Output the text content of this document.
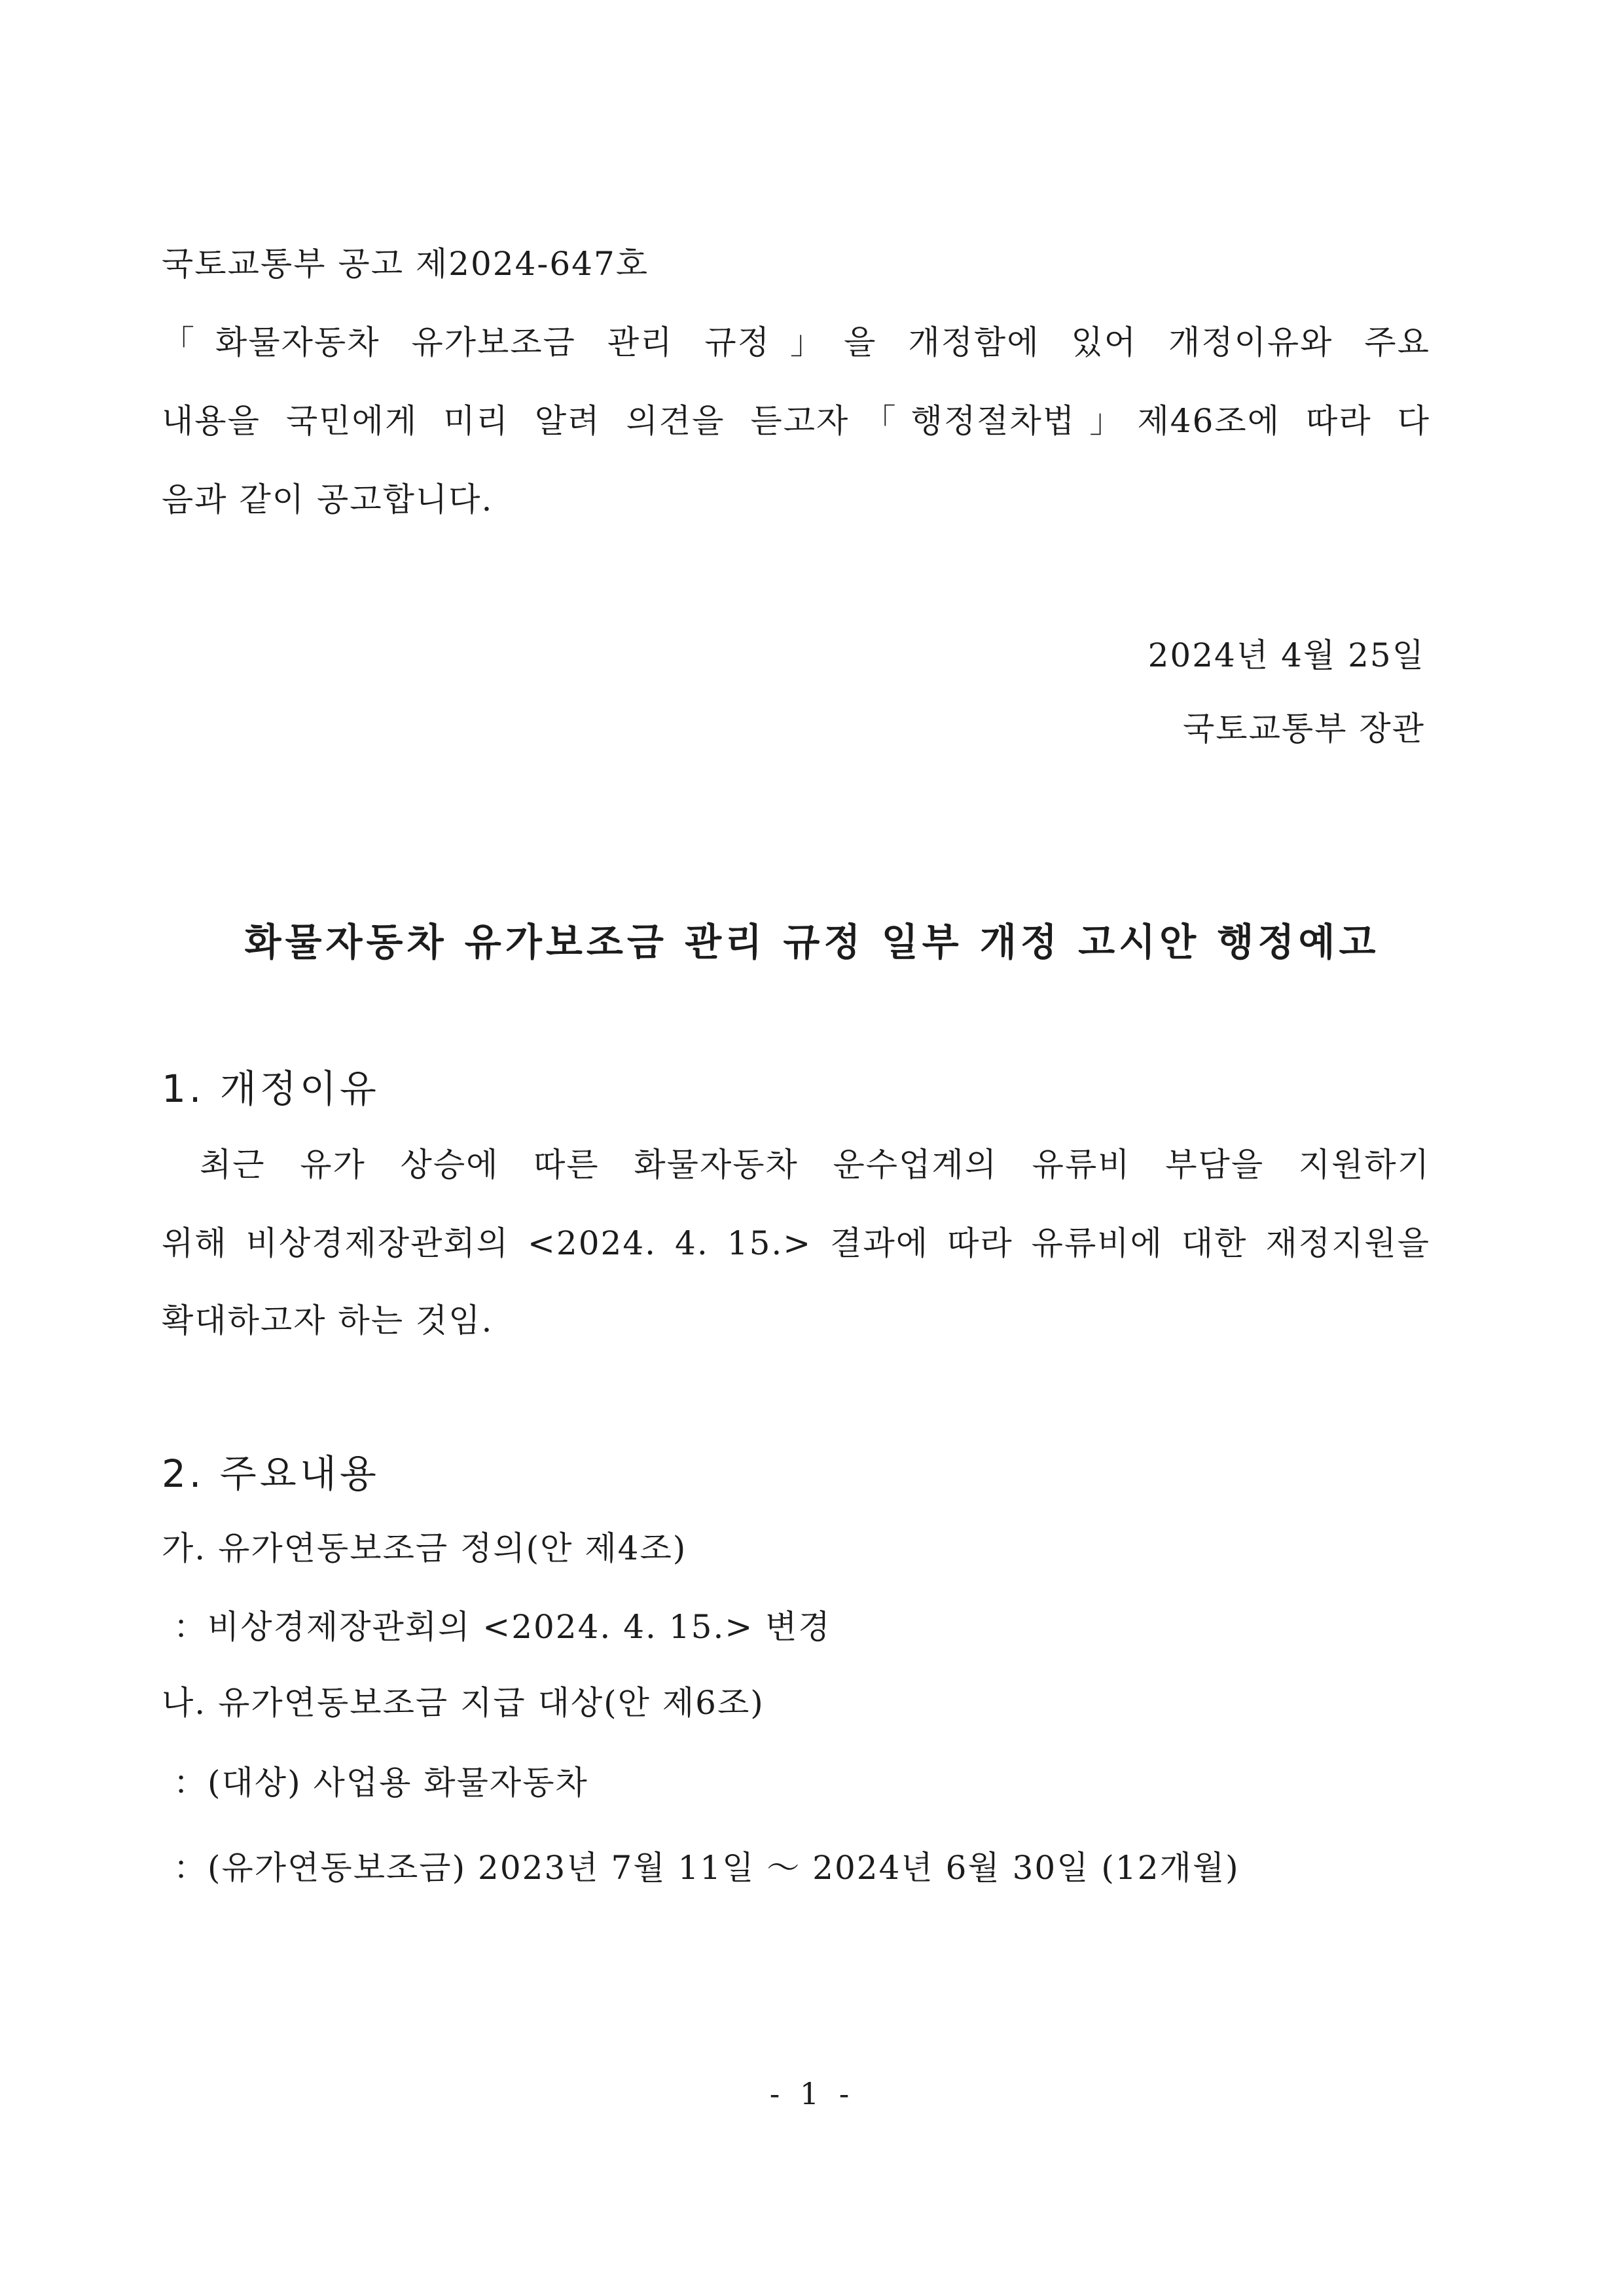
국토교통부 공고 제2024-647호
「화물자동차 유가보조금 관리 규정」을 개정함에 있어 개정이유와 주요
내용을 국민에게 미리 알려 의견을 듣고자「행정절차법」제46조에 따라 다
음과 같이 공고합니다.
2024년 4월 25일
국토교통부 장관
화물자동차 유가보조금 관리 규정 일부 개정 고시안 행정예고
1. 개정이유
최근 유가 상승에 따른 화물자동차 운수업계의 유류비 부담을 지원하기
위해 비상경제장관회의 <2024. 4. 15.> 결과에 따라 유류비에 대한 재정지원을
확대하고자 하는 것임.
2. 주요내용
가. 유가연동보조금 정의(안 제4조)
：비상경제장관회의 <2024. 4. 15.> 변경
나. 유가연동보조금 지급 대상(안 제6조)
：(대상) 사업용 화물자동차
：(유가연동보조금) 2023년 7월 11일 ～ 2024년 6월 30일 (12개월)
- 1 -
